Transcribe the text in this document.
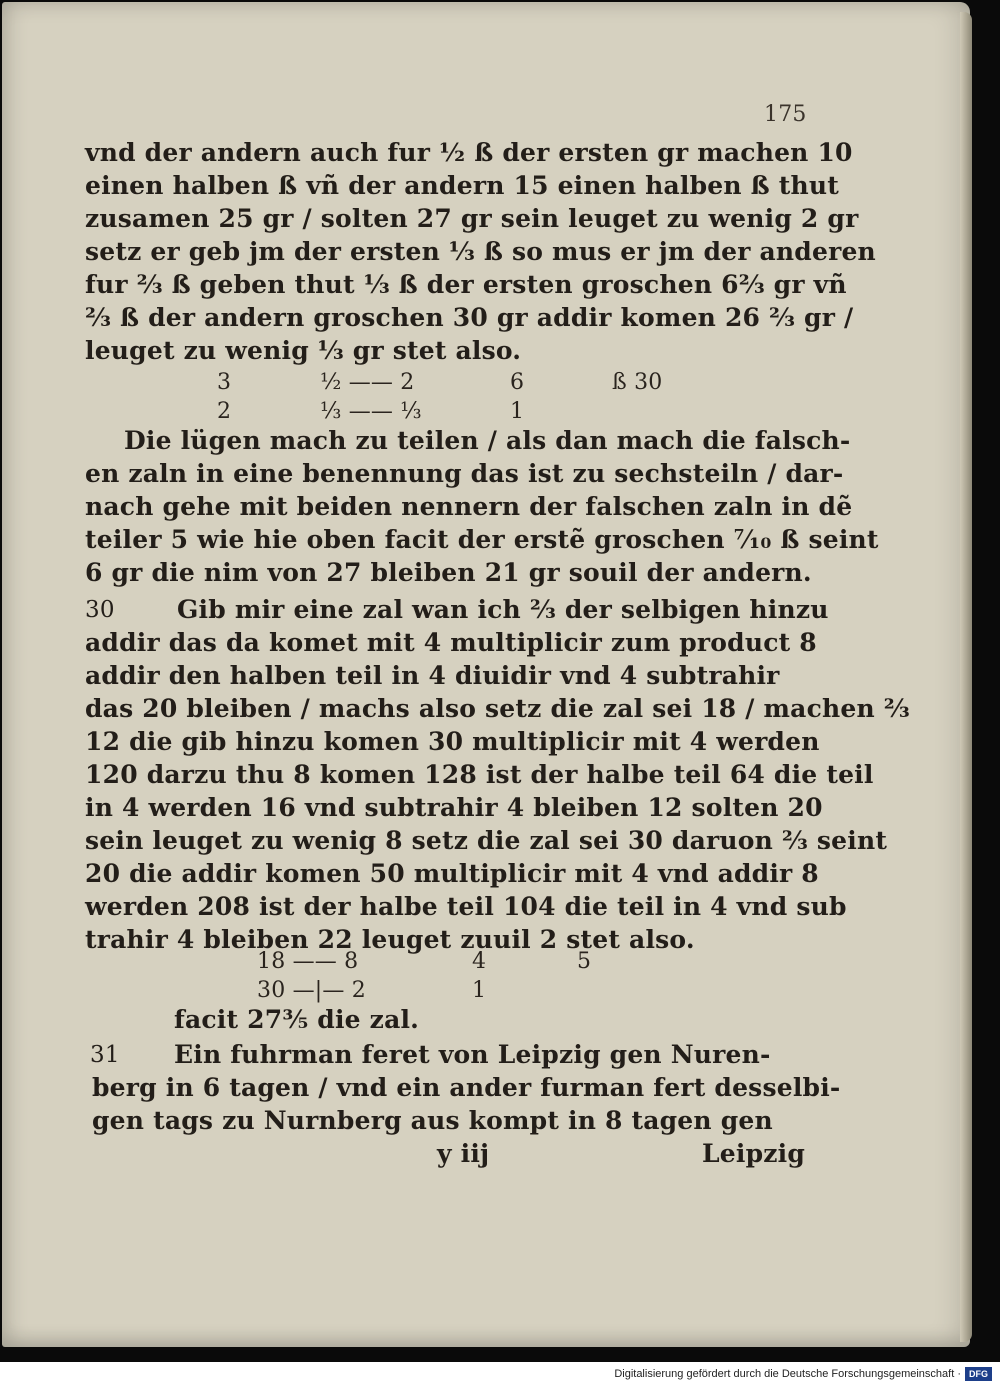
175
vnd der andern auch fur ½ ß der ersten gr machen 10
einen halben ß vñ der andern 15 einen halben ß thut
zusamen 25 gr / solten 27 gr sein leuget zu wenig 2 gr
setz er geb jm der ersten ⅓ ß so mus er jm der anderen
fur ⅔ ß geben thut ⅓ ß der ersten groschen 6⅔ gr vñ
⅔ ß der andern groschen 30 gr addir komen 26 ⅔ gr /
leuget zu wenig ⅓ gr stet also.
3	½ —— 2	6	ß 30
2	⅓ —— ⅓	1
Die lügen mach zu teilen / als dan mach die falsch-
en zaln in eine benennung das ist zu sechsteiln / dar-
nach gehe mit beiden nennern der falschen zaln in dẽ
teiler 5 wie hie oben facit der erstẽ groschen ⁷⁄₁₀ ß seint
6 gr die nim von 27 bleiben 21 gr souil der andern.
30 Gib mir eine zal wan ich ⅔ der selbigen hinzu
addir das da komet mit 4 multiplicir zum product 8
addir den halben teil in 4 diuidir vnd 4 subtrahir
das 20 bleiben / machs also setz die zal sei 18 / machen ⅔
12 die gib hinzu komen 30 multiplicir mit 4 werden
120 darzu thu 8 komen 128 ist der halbe teil 64 die teil
in 4 werden 16 vnd subtrahir 4 bleiben 12 solten 20
sein leuget zu wenig 8 setz die zal sei 30 daruon ⅔ seint
20 die addir komen 50 multiplicir mit 4 vnd addir 8
werden 208 ist der halbe teil 104 die teil in 4 vnd sub
trahir 4 bleiben 22 leuget zuuil 2 stet also.
18 —— 8	4	5
30 —|— 2	1
facit 27⅗ die zal.
31 Ein fuhrman feret von Leipzig gen Nuren-
berg in 6 tagen / vnd ein ander furman fert desselbi-
gen tags zu Nurnberg aus kompt in 8 tagen gen
y iij	Leipzig
Digitalisierung gefördert durch die Deutsche Forschungsgemeinschaft · DFG
